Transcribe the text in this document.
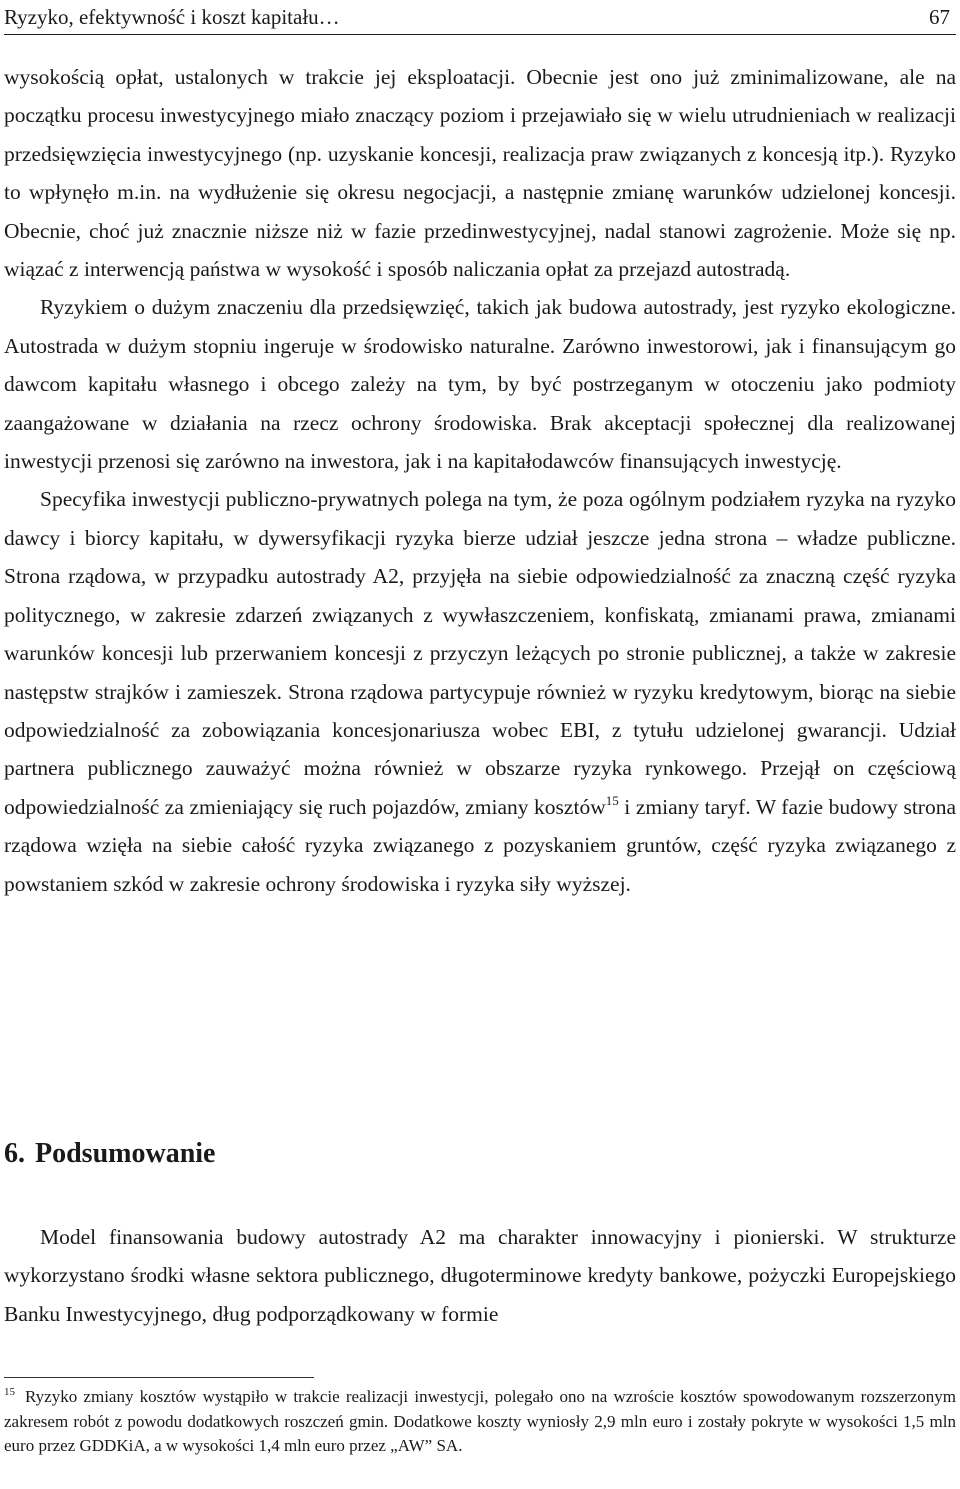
Ryzyko, efektywność i koszt kapitału…	67

wysokością opłat, ustalonych w trakcie jej eksploatacji. Obecnie jest ono już zminimalizowane, ale na początku procesu inwestycyjnego miało znaczący poziom i przejawiało się w wielu utrudnieniach w realizacji przedsięwzięcia inwestycyjnego (np. uzyskanie koncesji, realizacja praw związanych z koncesją itp.). Ryzyko to wpłynęło m.in. na wydłużenie się okresu negocjacji, a następnie zmianę warunków udzielonej koncesji. Obecnie, choć już znacznie niższe niż w fazie przedinwestycyjnej, nadal stanowi zagrożenie. Może się np. wiązać z interwencją państwa w wysokość i sposób naliczania opłat za przejazd autostradą.

Ryzykiem o dużym znaczeniu dla przedsięwzięć, takich jak budowa autostrady, jest ryzyko ekologiczne. Autostrada w dużym stopniu ingeruje w środowisko naturalne. Zarówno inwestorowi, jak i finansującym go dawcom kapitału własnego i obcego zależy na tym, by być postrzeganym w otoczeniu jako podmioty zaangażowane w działania na rzecz ochrony środowiska. Brak akceptacji społecznej dla realizowanej inwestycji przenosi się zarówno na inwestora, jak i na kapitałodawców finansujących inwestycję.

Specyfika inwestycji publiczno-prywatnych polega na tym, że poza ogólnym podziałem ryzyka na ryzyko dawcy i biorcy kapitału, w dywersyfikacji ryzyka bierze udział jeszcze jedna strona – władze publiczne. Strona rządowa, w przypadku autostrady A2, przyjęła na siebie odpowiedzialność za znaczną część ryzyka politycznego, w zakresie zdarzeń związanych z wywłaszczeniem, konfiskatą, zmianami prawa, zmianami warunków koncesji lub przerwaniem koncesji z przyczyn leżących po stronie publicznej, a także w zakresie następstw strajków i zamieszek. Strona rządowa partycypuje również w ryzyku kredytowym, biorąc na siebie odpowiedzialność za zobowiązania koncesjonariusza wobec EBI, z tytułu udzielonej gwarancji. Udział partnera publicznego zauważyć można również w obszarze ryzyka rynkowego. Przejął on częściową odpowiedzialność za zmieniający się ruch pojazdów, zmiany kosztów$^{15}$ i zmiany taryf. W fazie budowy strona rządowa wzięła na siebie całość ryzyka związanego z pozyskaniem gruntów, część ryzyka związanego z powstaniem szkód w zakresie ochrony środowiska i ryzyka siły wyższej.

6. Podsumowanie

Model finansowania budowy autostrady A2 ma charakter innowacyjny i pionierski. W strukturze wykorzystano środki własne sektora publicznego, długoterminowe kredyty bankowe, pożyczki Europejskiego Banku Inwestycyjnego, dług podporządkowany w formie

$^{15}$ Ryzyko zmiany kosztów wystąpiło w trakcie realizacji inwestycji, polegało ono na wzroście kosztów spowodowanym rozszerzonym zakresem robót z powodu dodatkowych roszczeń gmin. Dodatkowe koszty wyniosły 2,9 mln euro i zostały pokryte w wysokości 1,5 mln euro przez GDDKiA, a w wysokości 1,4 mln euro przez „AW” SA.
